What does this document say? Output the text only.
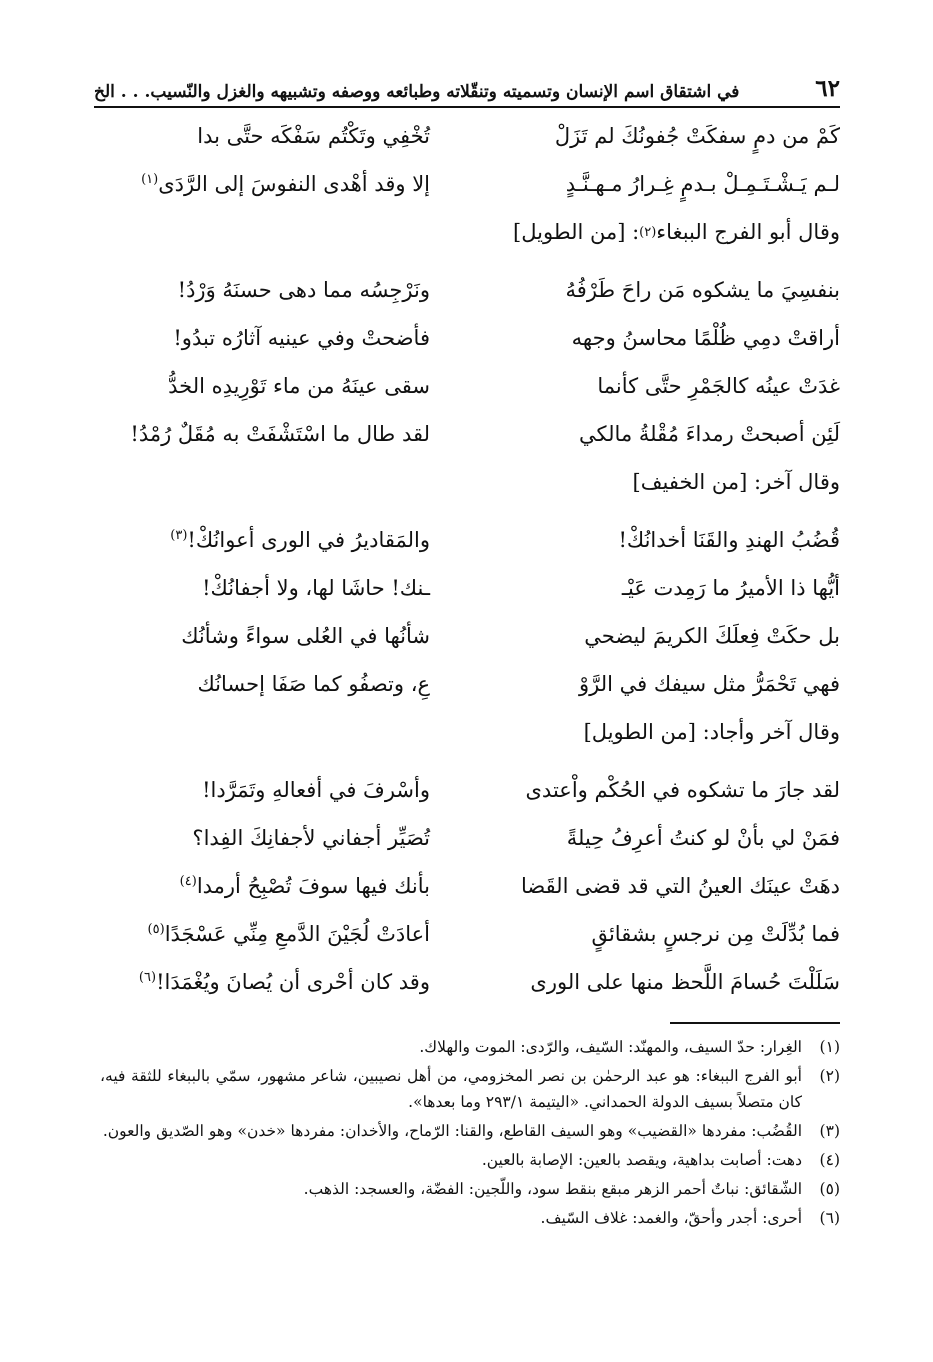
٦٢
في اشتقاق اسم الإنسان وتسميته وتنقّلاته وطبائعه ووصفه وتشبيهه والغزل والنّسيب. . . الخ
كَمْ من دمٍ سفكَتْ جُفونُكَ لم تَزَلْ
تُخْفِي وتَكْتُم سَفْكَه حتَّى بدا
لـم يَـشْـتَـمِـلْ بـدمٍ غِـرارُ مـهـنَّـدٍ
إلا وقد أهْدى النفوسَ إلى الرَّدَى$^{(١)}$
وقال أبو الفرج الببغاء
(٢)
: [من الطويل]
بنفسِيَ ما يشكوه مَن راحَ طَرْفُهُ
ونَرْجِسُه مما دهى حسنَهُ وَرْدُ!
أراقتْ دمِي ظُلْمًا محاسنُ وجهه
فأضحتْ وفي عينيه آثارُه تبدُو!
غدَتْ عينُه كالجَمْرِ حتَّى كأنما
سقى عينَهُ من ماء تَوْرِيدِه الخدُّ
لَئِن أصبحتْ رمداءَ مُقْلةُ مالكي
لقد طال ما اسْتَشْفَتْ به مُقَلٌ رُمْدُ!
وقال آخر: [من الخفيف]
قُضُبُ الهندِ والقَنَا أخدانُكْ!
والمَقاديرُ في الورى أعوانُكْ!$^{(٣)}$
أيُّها ذا الأميرُ ما رَمِدت عَيْـ
ـنك! حاشَا لها، ولا أجفانُكْ!
بل حكَتْ فِعلَكَ الكريمَ ليضحي
شأنُها في العُلى سواءً وشأنُك
فهي تَحْمَرُّ مثل سيفك في الرَّوْ
عِ، وتصفُو كما صَفَا إحسانُك
وقال آخر وأجاد: [من الطويل]
لقد جارَ ما تشكوه في الحُكْم واْعتدى
وأسْرفَ في أفعالهِ وتَمَرَّدا!
فمَنْ لي بأنْ لو كنتُ أعرِفُ حِيلةً
تُصَيِّر أجفاني لأجفانِكَ الفِدا؟
دهَتْ عينَك العينُ التي قد قضى القَضا
بأنك فيها سوفَ تُصْبِحُ أرمدا$^{(٤)}$
فما بُدِّلَتْ مِن نرجسٍ بشقائقٍ
أعادَتْ لُجَيْنَ الدَّمعِ مِنِّي عَسْجَدًا$^{(٥)}$
سَلَلْتَ حُسامَ اللَّحظ منها على الورى
وقد كان أحْرى أن يُصانَ ويُغْمَدَا!$^{(٦)}$
(١)
الغِرار: حدّ السيف، والمهنّد: السّيف، والرّدى: الموت والهلاك.
(٢)
أبو الفرج الببغاء: هو عبد الرحمٰن بن نصر المخزومي، من أهل نصيبين، شاعر مشهور، سمّي بالببغاء للثقة فيه، كان متصلاً بسيف الدولة الحمداني. «اليتيمة ٢٩٣/١ وما بعدها».
(٣)
القُضُب: مفردها «القضيب» وهو السيف القاطع، والقنا: الرّماح، والأخدان: مفردها «خدن» وهو الصّديق والعون.
(٤)
دهت: أصابت بداهية، ويقصد بالعين: الإصابة بالعين.
(٥)
الشّقائق: نباتٌ أحمر الزهر مبقع بنقط سود، واللّجين: الفضّة، والعسجد: الذهب.
(٦)
أحرى: أجدر وأحقّ، والغمد: غلاف السّيف.
